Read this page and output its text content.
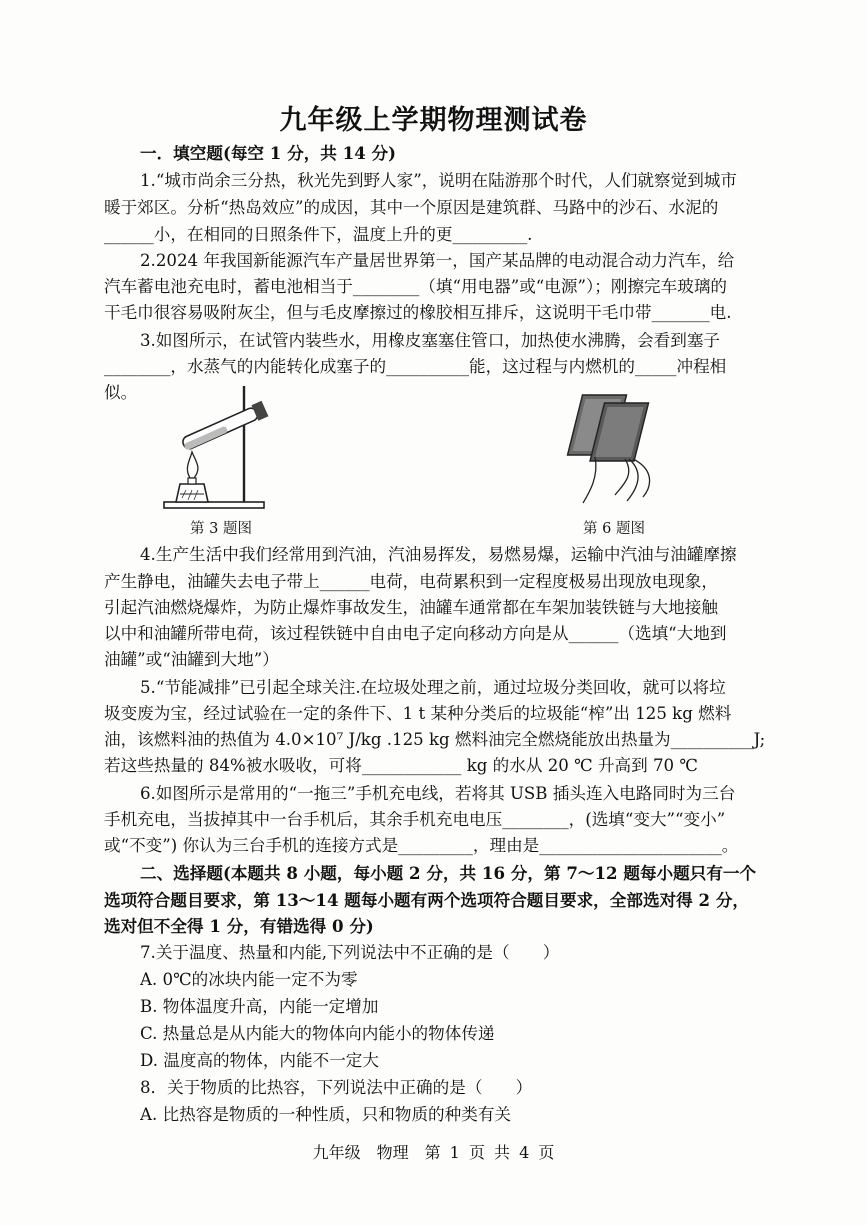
九年级上学期物理测试卷
一．填空题(每空 1 分，共 14 分)
1.“城市尚余三分热，秋光先到野人家”，说明在陆游那个时代，人们就察觉到城市
暖于郊区。分析“热岛效应”的成因，其中一个原因是建筑群、马路中的沙石、水泥的
______小，在相同的日照条件下，温度上升的更_________.
2.2024 年我国新能源汽车产量居世界第一，国产某品牌的电动混合动力汽车，给
汽车蓄电池充电时，蓄电池相当于________（填“用电器”或“电源”）；刚擦完车玻璃的
干毛巾很容易吸附灰尘，但与毛皮摩擦过的橡胶相互排斥，这说明干毛巾带_______电.
3.如图所示，在试管内装些水，用橡皮塞塞住管口，加热使水沸腾，会看到塞子
________，水蒸气的内能转化成塞子的__________能，这过程与内燃机的_____冲程相
似。
第 3 题图	第 6 题图
4.生产生活中我们经常用到汽油，汽油易挥发，易燃易爆，运输中汽油与油罐摩擦
产生静电，油罐失去电子带上______电荷，电荷累积到一定程度极易出现放电现象，
引起汽油燃烧爆炸，为防止爆炸事故发生，油罐车通常都在车架加装铁链与大地接触
以中和油罐所带电荷，该过程铁链中自由电子定向移动方向是从______（选填“大地到
油罐”或“油罐到大地”）
5.“节能减排”已引起全球关注.在垃圾处理之前，通过垃圾分类回收，就可以将垃
圾变废为宝，经过试验在一定的条件下、1 t 某种分类后的垃圾能“榨”出 125 kg 燃料
油，该燃料油的热值为 4.0×10⁷ J/kg .125 kg 燃料油完全燃烧能放出热量为__________J;
若这些热量的 84%被水吸收，可将____________ kg 的水从 20 ℃ 升高到 70 ℃
6.如图所示是常用的“一拖三”手机充电线，若将其 USB 插头连入电路同时为三台
手机充电，当拔掉其中一台手机后，其余手机充电电压________，(选填“变大”“变小”
或“不变”) 你认为三台手机的连接方式是_________，理由是______________________。
二、选择题(本题共 8 小题，每小题 2 分，共 16 分，第 7～12 题每小题只有一个
选项符合题目要求，第 13～14 题每小题有两个选项符合题目要求，全部选对得 2 分，
选对但不全得 1 分，有错选得 0 分)
7.关于温度、热量和内能,下列说法中不正确的是（　　）
A. 0℃的冰块内能一定不为零
B. 物体温度升高，内能一定增加
C. 热量总是从内能大的物体向内能小的物体传递
D. 温度高的物体，内能不一定大
8．关于物质的比热容，下列说法中正确的是（　　）
A. 比热容是物质的一种性质，只和物质的种类有关
九年级　物理　第 1 页 共 4 页
